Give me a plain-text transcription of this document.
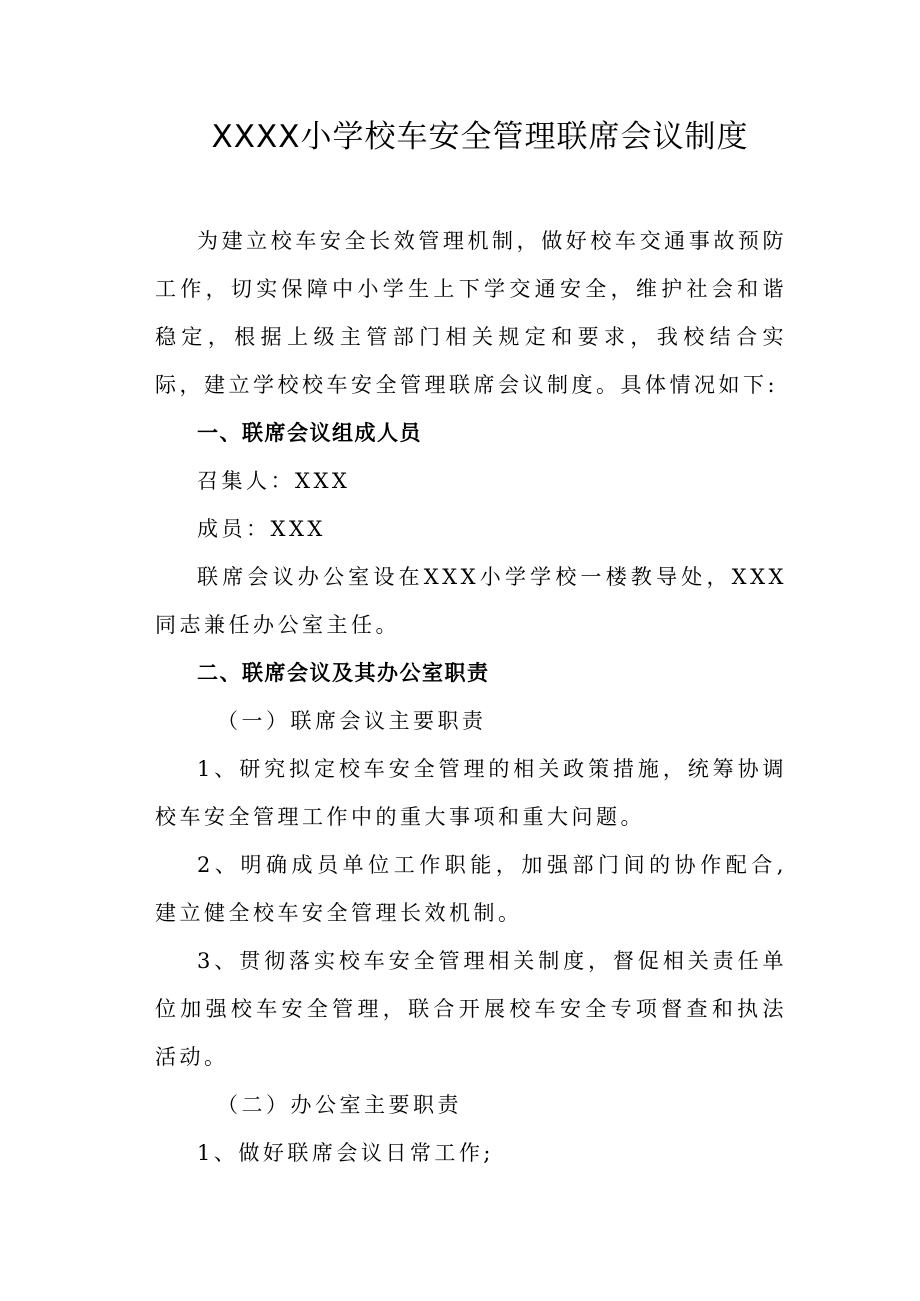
XXXX小学校车安全管理联席会议制度

为建立校车安全长效管理机制，做好校车交通事故预防工作，切实保障中小学生上下学交通安全，维护社会和谐稳定，根据上级主管部门相关规定和要求，我校结合实际，建立学校校车安全管理联席会议制度。具体情况如下:

一、联席会议组成人员

召集人：XXX

成员：XXX

联席会议办公室设在XXX小学学校一楼教导处，XXX同志兼任办公室主任。

二、联席会议及其办公室职责

（一）联席会议主要职责

1、研究拟定校车安全管理的相关政策措施，统筹协调校车安全管理工作中的重大事项和重大问题。

2、明确成员单位工作职能，加强部门间的协作配合,建立健全校车安全管理长效机制。

3、贯彻落实校车安全管理相关制度，督促相关责任单位加强校车安全管理，联合开展校车安全专项督查和执法活动。

（二）办公室主要职责

1、做好联席会议日常工作;
